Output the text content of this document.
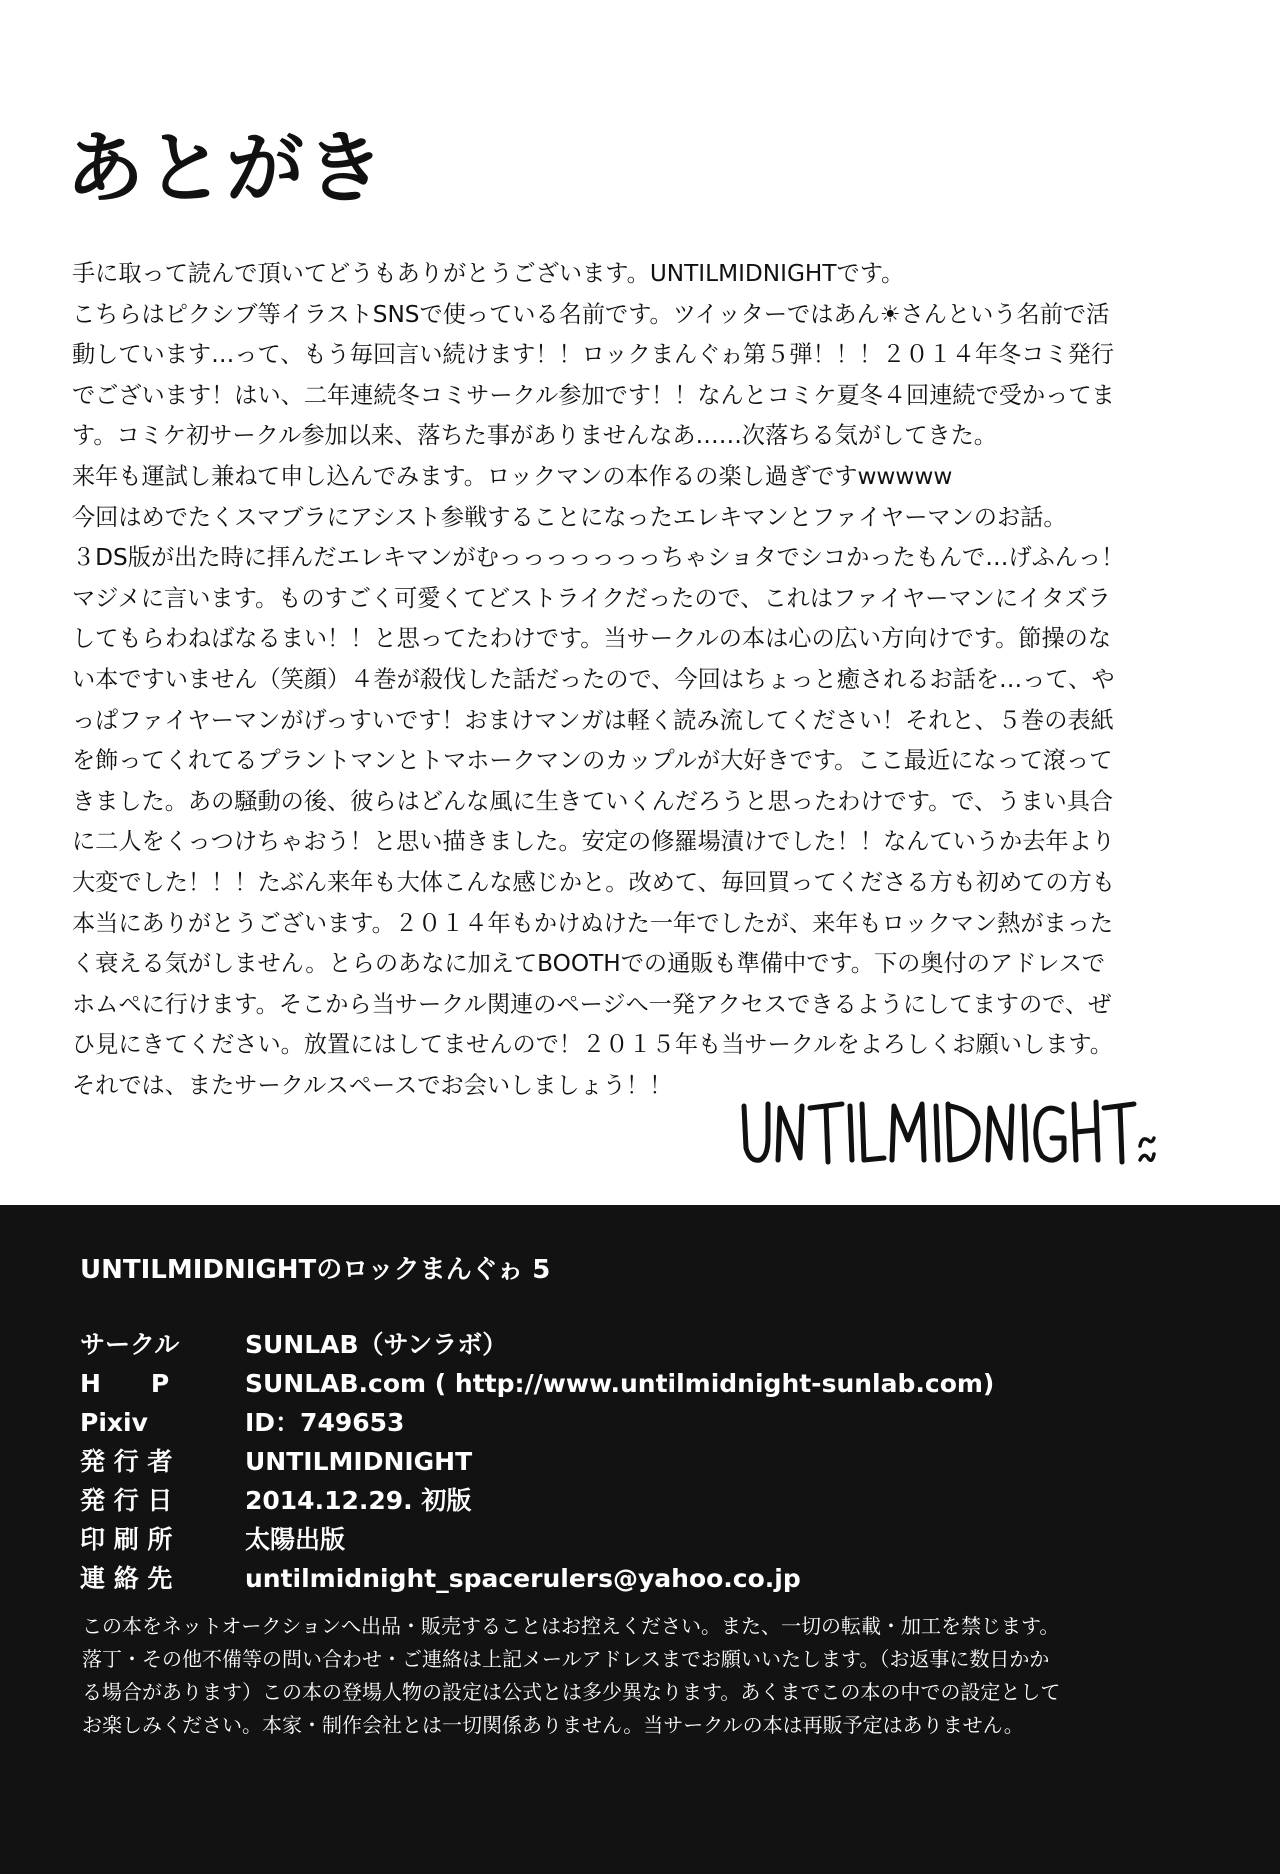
あとがき
手に取って読んで頂いてどうもありがとうございます。UNTILMIDNIGHTです。
こちらはピクシブ等イラストSNSで使っている名前です。ツイッターではあん☀さんという名前で活
動しています…って、もう毎回言い続けます！！ロックまんぐゎ第５弾！！！２０１４年冬コミ発行
でございます！はい、二年連続冬コミサークル参加です！！なんとコミケ夏冬４回連続で受かってま
す。コミケ初サークル参加以来、落ちた事がありませんなあ……次落ちる気がしてきた。
来年も運試し兼ねて申し込んでみます。ロックマンの本作るの楽し過ぎですwwwww
今回はめでたくスマブラにアシスト参戦することになったエレキマンとファイヤーマンのお話。
３DS版が出た時に拝んだエレキマンがむっっっっっっっちゃショタでシコかったもんで…げふんっ！
マジメに言います。ものすごく可愛くてどストライクだったので、これはファイヤーマンにイタズラ
してもらわねばなるまい！！と思ってたわけです。当サークルの本は心の広い方向けです。節操のな
い本ですいません（笑顔）４巻が殺伐した話だったので、今回はちょっと癒されるお話を…って、や
っぱファイヤーマンがげっすいです！おまけマンガは軽く読み流してください！それと、５巻の表紙
を飾ってくれてるプラントマンとトマホークマンのカップルが大好きです。ここ最近になって滾って
きました。あの騒動の後、彼らはどんな風に生きていくんだろうと思ったわけです。で、うまい具合
に二人をくっつけちゃおう！と思い描きました。安定の修羅場漬けでした！！なんていうか去年より
大変でした！！！たぶん来年も大体こんな感じかと。改めて、毎回買ってくださる方も初めての方も
本当にありがとうございます。２０１４年もかけぬけた一年でしたが、来年もロックマン熱がまった
く衰える気がしません。とらのあなに加えてBOOTHでの通販も準備中です。下の奥付のアドレスで
ホムペに行けます。そこから当サークル関連のページへ一発アクセスできるようにしてますので、ぜ
ひ見にきてください。放置にはしてませんので！２０１５年も当サークルをよろしくお願いします。
それでは、またサークルスペースでお会いしましょう！！
UNTILMIDNIGHTのロックまんぐゎ 5
サークル	SUNLAB（サンラボ）
H　　P	SUNLAB.com ( http://www.untilmidnight-sunlab.com)
Pixiv	ID：749653
発 行 者	UNTILMIDNIGHT
発 行 日	2014.12.29. 初版
印 刷 所	太陽出版
連 絡 先	untilmidnight_spacerulers@yahoo.co.jp
この本をネットオークションへ出品・販売することはお控えください。また、一切の転載・加工を禁じます。
落丁・その他不備等の問い合わせ・ご連絡は上記メールアドレスまでお願いいたします。（お返事に数日かか
る場合があります）この本の登場人物の設定は公式とは多少異なります。あくまでこの本の中での設定として
お楽しみください。本家・制作会社とは一切関係ありません。当サークルの本は再販予定はありません。
